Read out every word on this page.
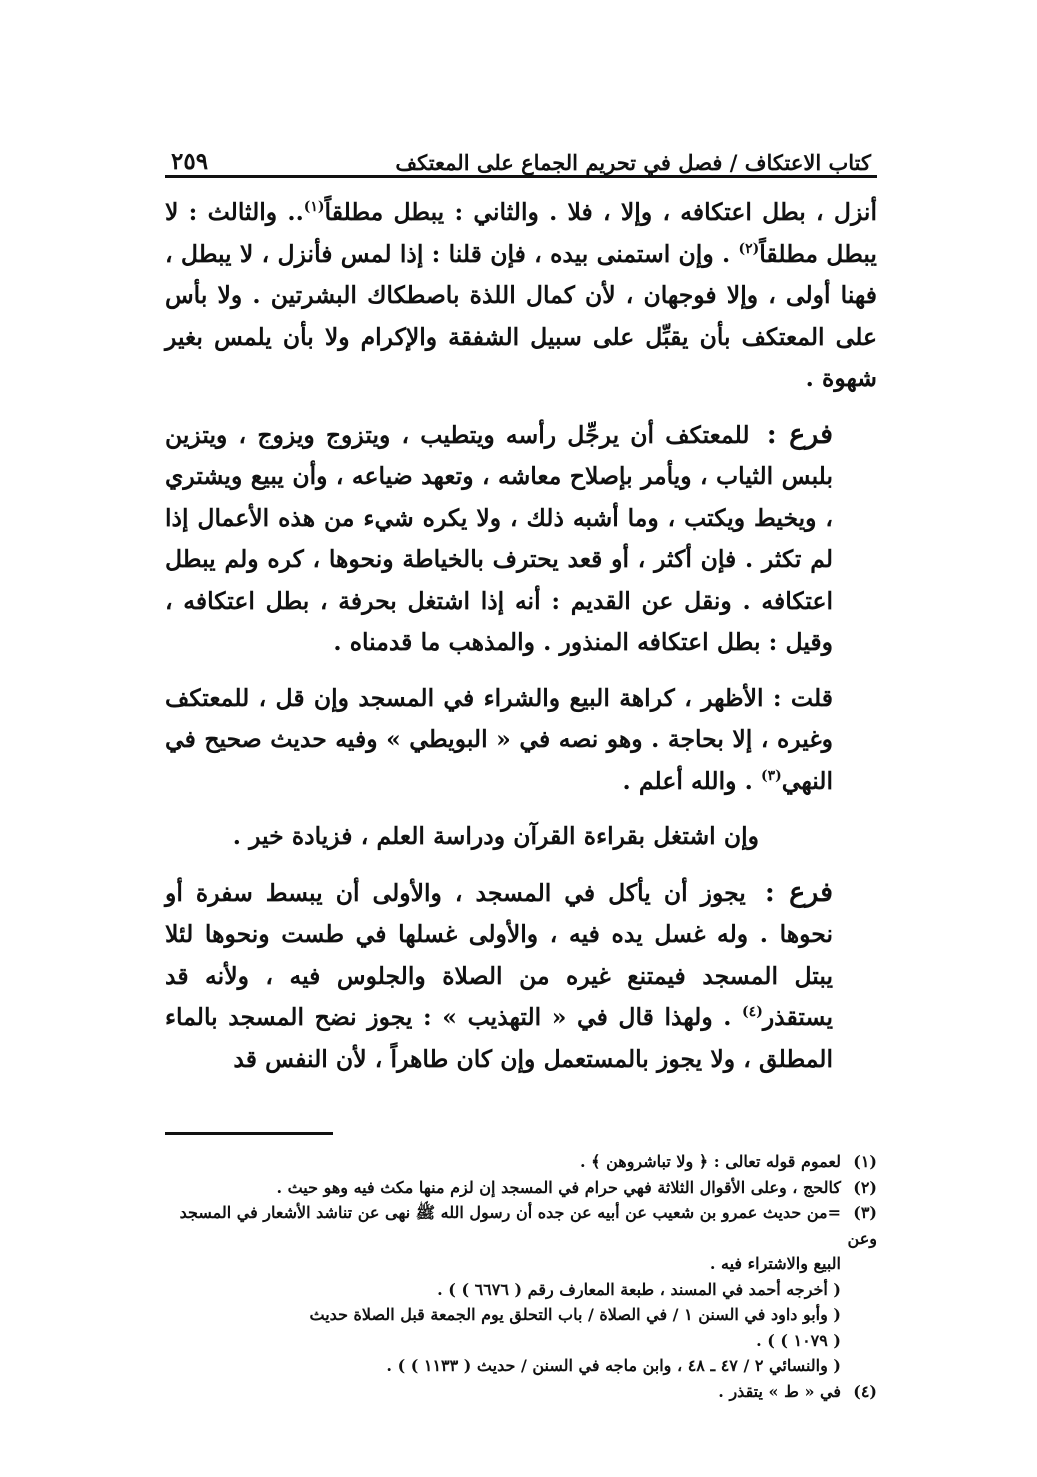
كتاب الاعتكاف / فصل في تحريم الجماع على المعتكف
٢٥٩

أنزل ، بطل اعتكافه ، وإلا ، فلا . والثاني : يبطل مطلقاً$^{(١)}$.. والثالث : لا يبطل مطلقاً$^{(٢)}$ . وإن استمنى بيده ، فإن قلنا : إذا لمس فأنزل ، لا يبطل ، فهنا أولى ، وإلا فوجهان ، لأن كمال اللذة باصطكاك البشرتين . ولا بأس على المعتكف بأن يقبِّل على سبيل الشفقة والإكرام ولا بأن يلمس بغير شهوة .

فرع : للمعتكف أن يرجِّل رأسه ويتطيب ، ويتزوج ويزوج ، ويتزين بلبس الثياب ، ويأمر بإصلاح معاشه ، وتعهد ضياعه ، وأن يبيع ويشتري ، ويخيط ويكتب ، وما أشبه ذلك ، ولا يكره شيء من هذه الأعمال إذا لم تكثر . فإن أكثر ، أو قعد يحترف بالخياطة ونحوها ، كره ولم يبطل اعتكافه . ونقل عن القديم : أنه إذا اشتغل بحرفة ، بطل اعتكافه ، وقيل : بطل اعتكافه المنذور . والمذهب ما قدمناه .

قلت : الأظهر ، كراهة البيع والشراء في المسجد وإن قل ، للمعتكف وغيره ، إلا بحاجة . وهو نصه في « البويطي » وفيه حديث صحيح في النهي$^{(٣)}$ . والله أعلم .

وإن اشتغل بقراءة القرآن ودراسة العلم ، فزيادة خير .

فرع : يجوز أن يأكل في المسجد ، والأولى أن يبسط سفرة أو نحوها . وله غسل يده فيه ، والأولى غسلها في طست ونحوها لئلا يبتل المسجد فيمتنع غيره من الصلاة والجلوس فيه ، ولأنه قد يستقذر$^{(٤)}$ . ولهذا قال في « التهذيب » : يجوز نضح المسجد بالماء المطلق ، ولا يجوز بالمستعمل وإن كان طاهراً ، لأن النفس قد

(١)لعموم قوله تعالى : ﴿ ولا تباشروهن ﴾ .

(٢)كالحج ، وعلى الأقوال الثلاثة فهي حرام في المسجد إن لزم منها مكث فيه وهو حيث .

(٣)=من حديث عمرو بن شعيب عن أبيه عن جده أن رسول الله ﷺ نهى عن تناشد الأشعار في المسجد وعن

البيع والاشتراء فيه .

( أخرجه أحمد في المسند ، طبعة المعارف رقم ( ٦٦٧٦ ) ) .

( وأبو داود في السنن ١ / في الصلاة / باب التحلق يوم الجمعة قبل الصلاة حديث

( ١٠٧٩ ) ) .

( والنسائي ٢ / ٤٧ ـ ٤٨ ، وابن ماجه في السنن / حديث ( ١١٣٣ ) ) .

(٤)في « ط » يتقذر .
